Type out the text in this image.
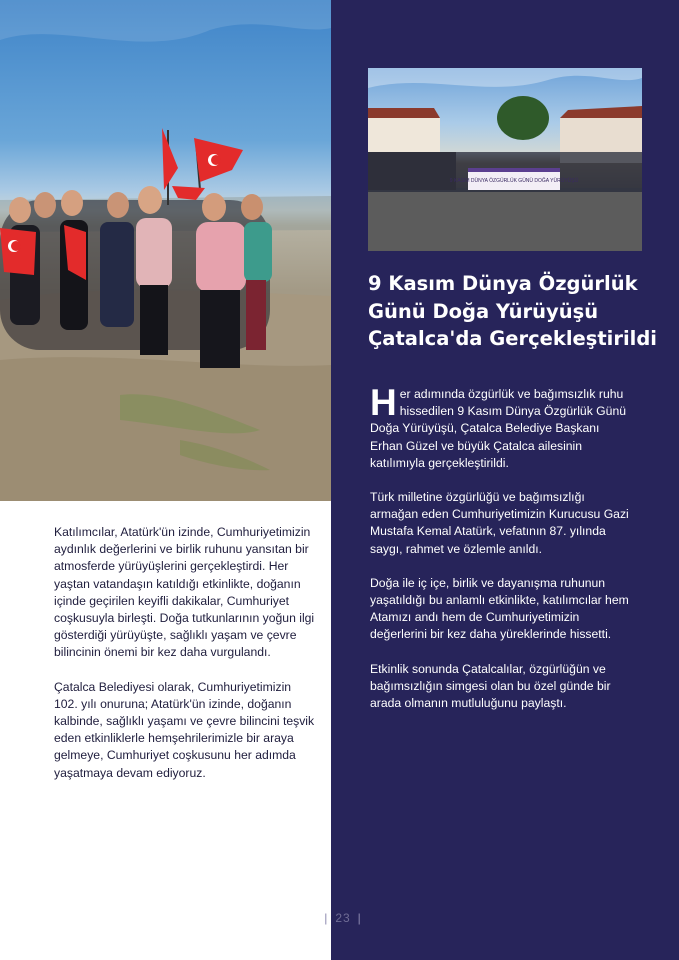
9 KASIM DÜNYA ÖZGÜRLÜK GÜNÜ DOĞA YÜRÜYÜŞÜ
9 Kasım Dünya Özgürlük Günü Doğa Yürüyüşü Çatalca'da Gerçekleştirildi

Her adımında özgürlük ve bağımsızlık ruhu hissedilen 9 Kasım Dünya Özgürlük Günü Doğa Yürüyüşü, Çatalca Belediye Başkanı Erhan Güzel ve büyük Çatalca ailesinin katılımıyla gerçekleştirildi.

Türk milletine özgürlüğü ve bağımsızlığı armağan eden Cumhuriyetimizin Kurucusu Gazi Mustafa Kemal Atatürk, vefatının 87. yılında saygı, rahmet ve özlemle anıldı.

Doğa ile iç içe, birlik ve dayanışma ruhunun yaşatıldığı bu anlamlı etkinlikte, katılımcılar hem Atamızı andı hem de Cumhuriyetimizin değerlerini bir kez daha yüreklerinde hissetti.

Etkinlik sonunda Çatalcalılar, özgürlüğün ve bağımsızlığın simgesi olan bu özel günde bir arada olmanın mutluluğunu paylaştı.

Katılımcılar, Atatürk'ün izinde, Cumhuriyetimizin aydınlık değerlerini ve birlik ruhunu yansıtan bir atmosferde yürüyüşlerini gerçekleştirdi. Her yaştan vatandaşın katıldığı etkinlikte, doğanın içinde geçirilen keyifli dakikalar, Cumhuriyet coşkusuyla birleşti. Doğa tutkunlarının yoğun ilgi gösterdiği yürüyüşte, sağlıklı yaşam ve çevre bilincinin önemi bir kez daha vurgulandı.

Çatalca Belediyesi olarak, Cumhuriyetimizin 102. yılı onuruna; Atatürk'ün izinde, doğanın kalbinde, sağlıklı yaşamı ve çevre bilincini teşvik eden etkinliklerle hemşehrilerimizle bir araya gelmeye, Cumhuriyet coşkusunu her adımda yaşatmaya devam ediyoruz.

| 23 |
